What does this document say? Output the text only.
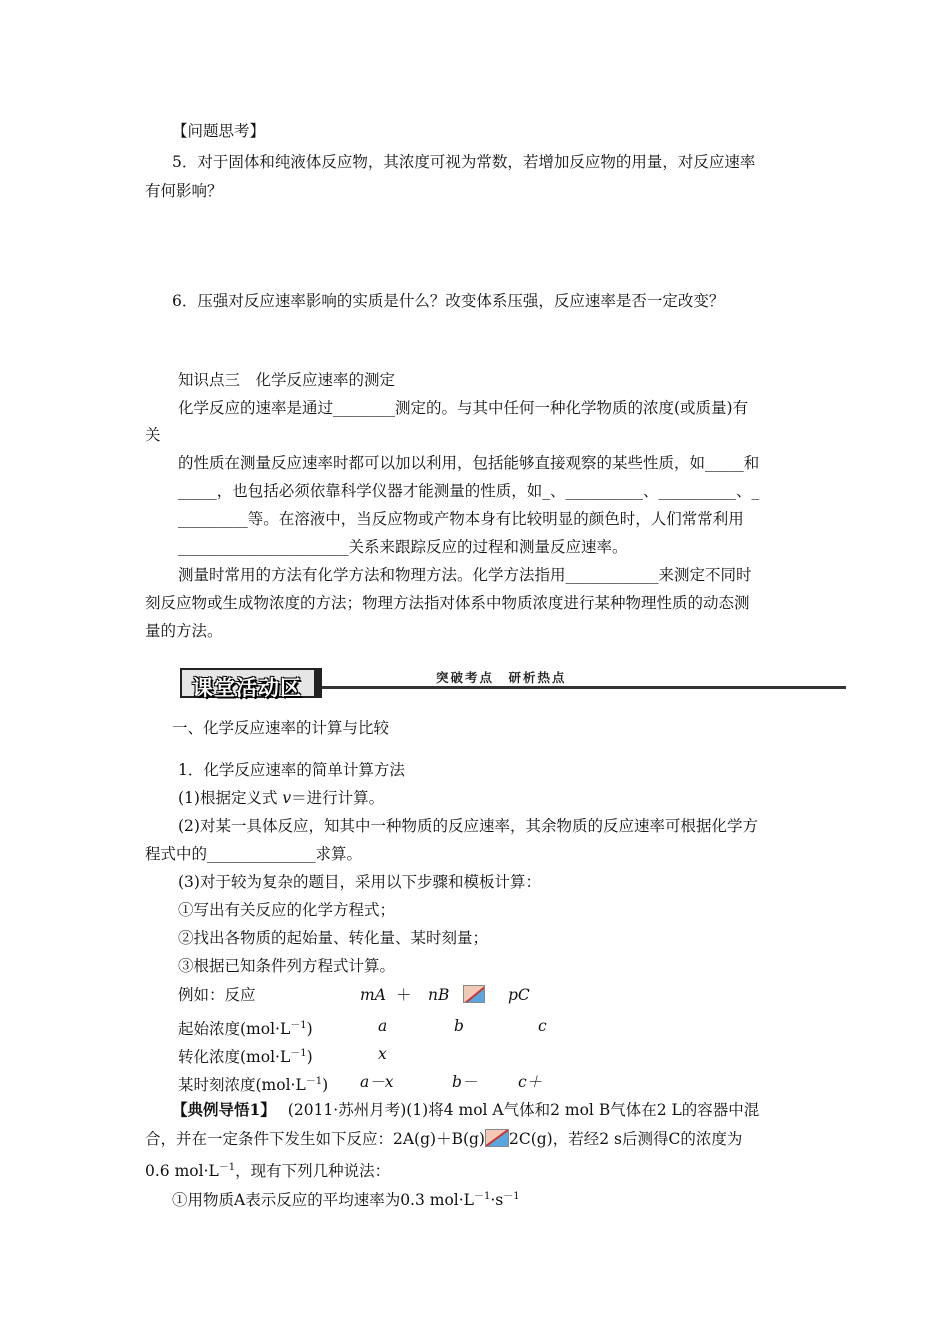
【问题思考】
5．对于固体和纯液体反应物，其浓度可视为常数，若增加反应物的用量，对反应速率
有何影响？
6．压强对反应速率影响的实质是什么？改变体系压强，反应速率是否一定改变？
知识点三　化学反应速率的测定
化学反应的速率是通过________测定的。与其中任何一种化学物质的浓度(或质量)有
关
的性质在测量反应速率时都可以加以利用，包括能够直接观察的某些性质，如_____和
_____，也包括必须依靠科学仪器才能测量的性质，如_、__________、__________、_
_________等。在溶液中，当反应物或产物本身有比较明显的颜色时，人们常常利用
______________________关系来跟踪反应的过程和测量反应速率。
测量时常用的方法有化学方法和物理方法。化学方法指用____________来测定不同时
刻反应物或生成物浓度的方法；物理方法指对体系中物质浓度进行某种物理性质的动态测
量的方法。
课堂活动区	突破考点　研析热点
一、化学反应速率的计算与比较
1．化学反应速率的简单计算方法
(1)根据定义式 v＝进行计算。
(2)对某一具体反应，知其中一种物质的反应速率，其余物质的反应速率可根据化学方
程式中的______________求算。
(3)对于较为复杂的题目，采用以下步骤和模板计算：
①写出有关反应的化学方程式；
②找出各物质的起始量、转化量、某时刻量；
③根据已知条件列方程式计算。
例如：反应	mA ＋ nB	pC
起始浓度$(mol\cdot L^{-1})$	a	b	c
转化浓度$(mol\cdot L^{-1})$	x
某时刻浓度$(mol\cdot L^{-1})$ a－x	b－	c＋
【典例导悟1】 (2011·苏州月考)(1)将4 mol A气体和2 mol B气体在2 L的容器中混
合，并在一定条件下发生如下反应：2A(g)＋B(g) 2C(g)，若经2 s后测得C的浓度为
0.6 $mol\cdot L^{-1}$，现有下列几种说法：
①用物质A表示反应的平均速率为0.3 $mol\cdot L^{-1}\cdot s^{-1}$
